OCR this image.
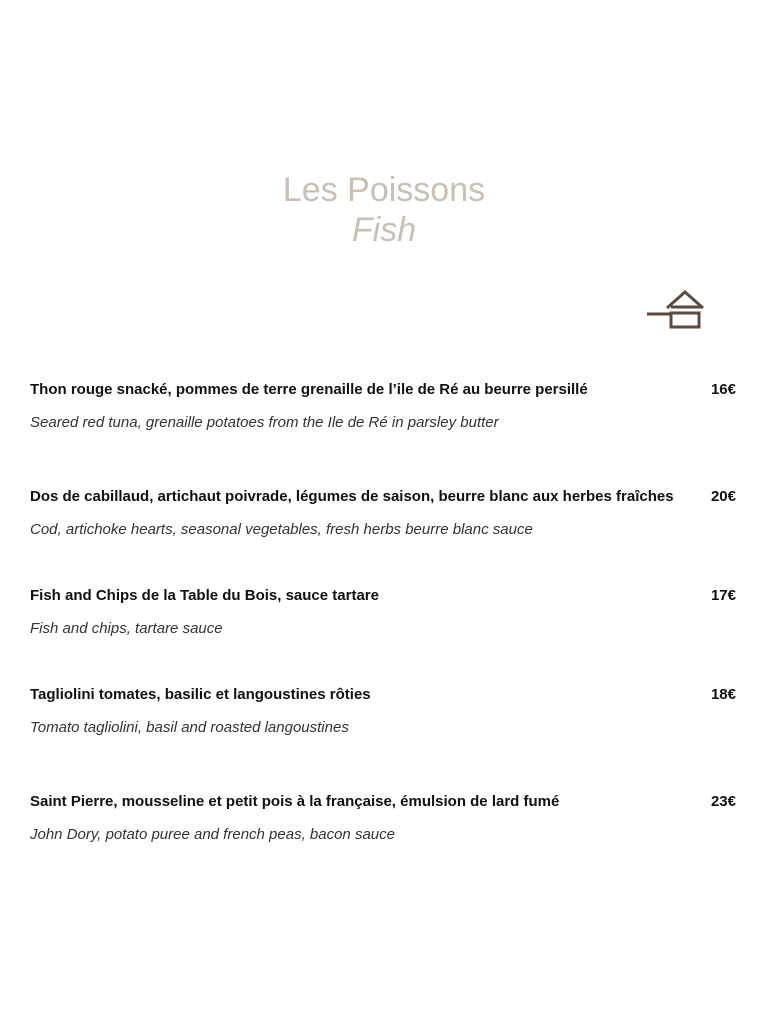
Les Poissons
Fish
Thon rouge snacké, pommes de terre grenaille de l’ile de Ré au beurre persillé	16€
Seared red tuna, grenaille potatoes from the Ile de Ré in parsley butter
Dos de cabillaud, artichaut poivrade, légumes de saison, beurre blanc aux herbes fraîches	20€
Cod, artichoke hearts, seasonal vegetables, fresh herbs beurre blanc sauce
Fish and Chips de la Table du Bois, sauce tartare	17€
Fish and chips, tartare sauce
Tagliolini tomates, basilic et langoustines rôties	18€
Tomato tagliolini, basil and roasted langoustines
Saint Pierre, mousseline et petit pois à la française, émulsion de lard fumé	23€
John Dory, potato puree and french peas, bacon sauce
